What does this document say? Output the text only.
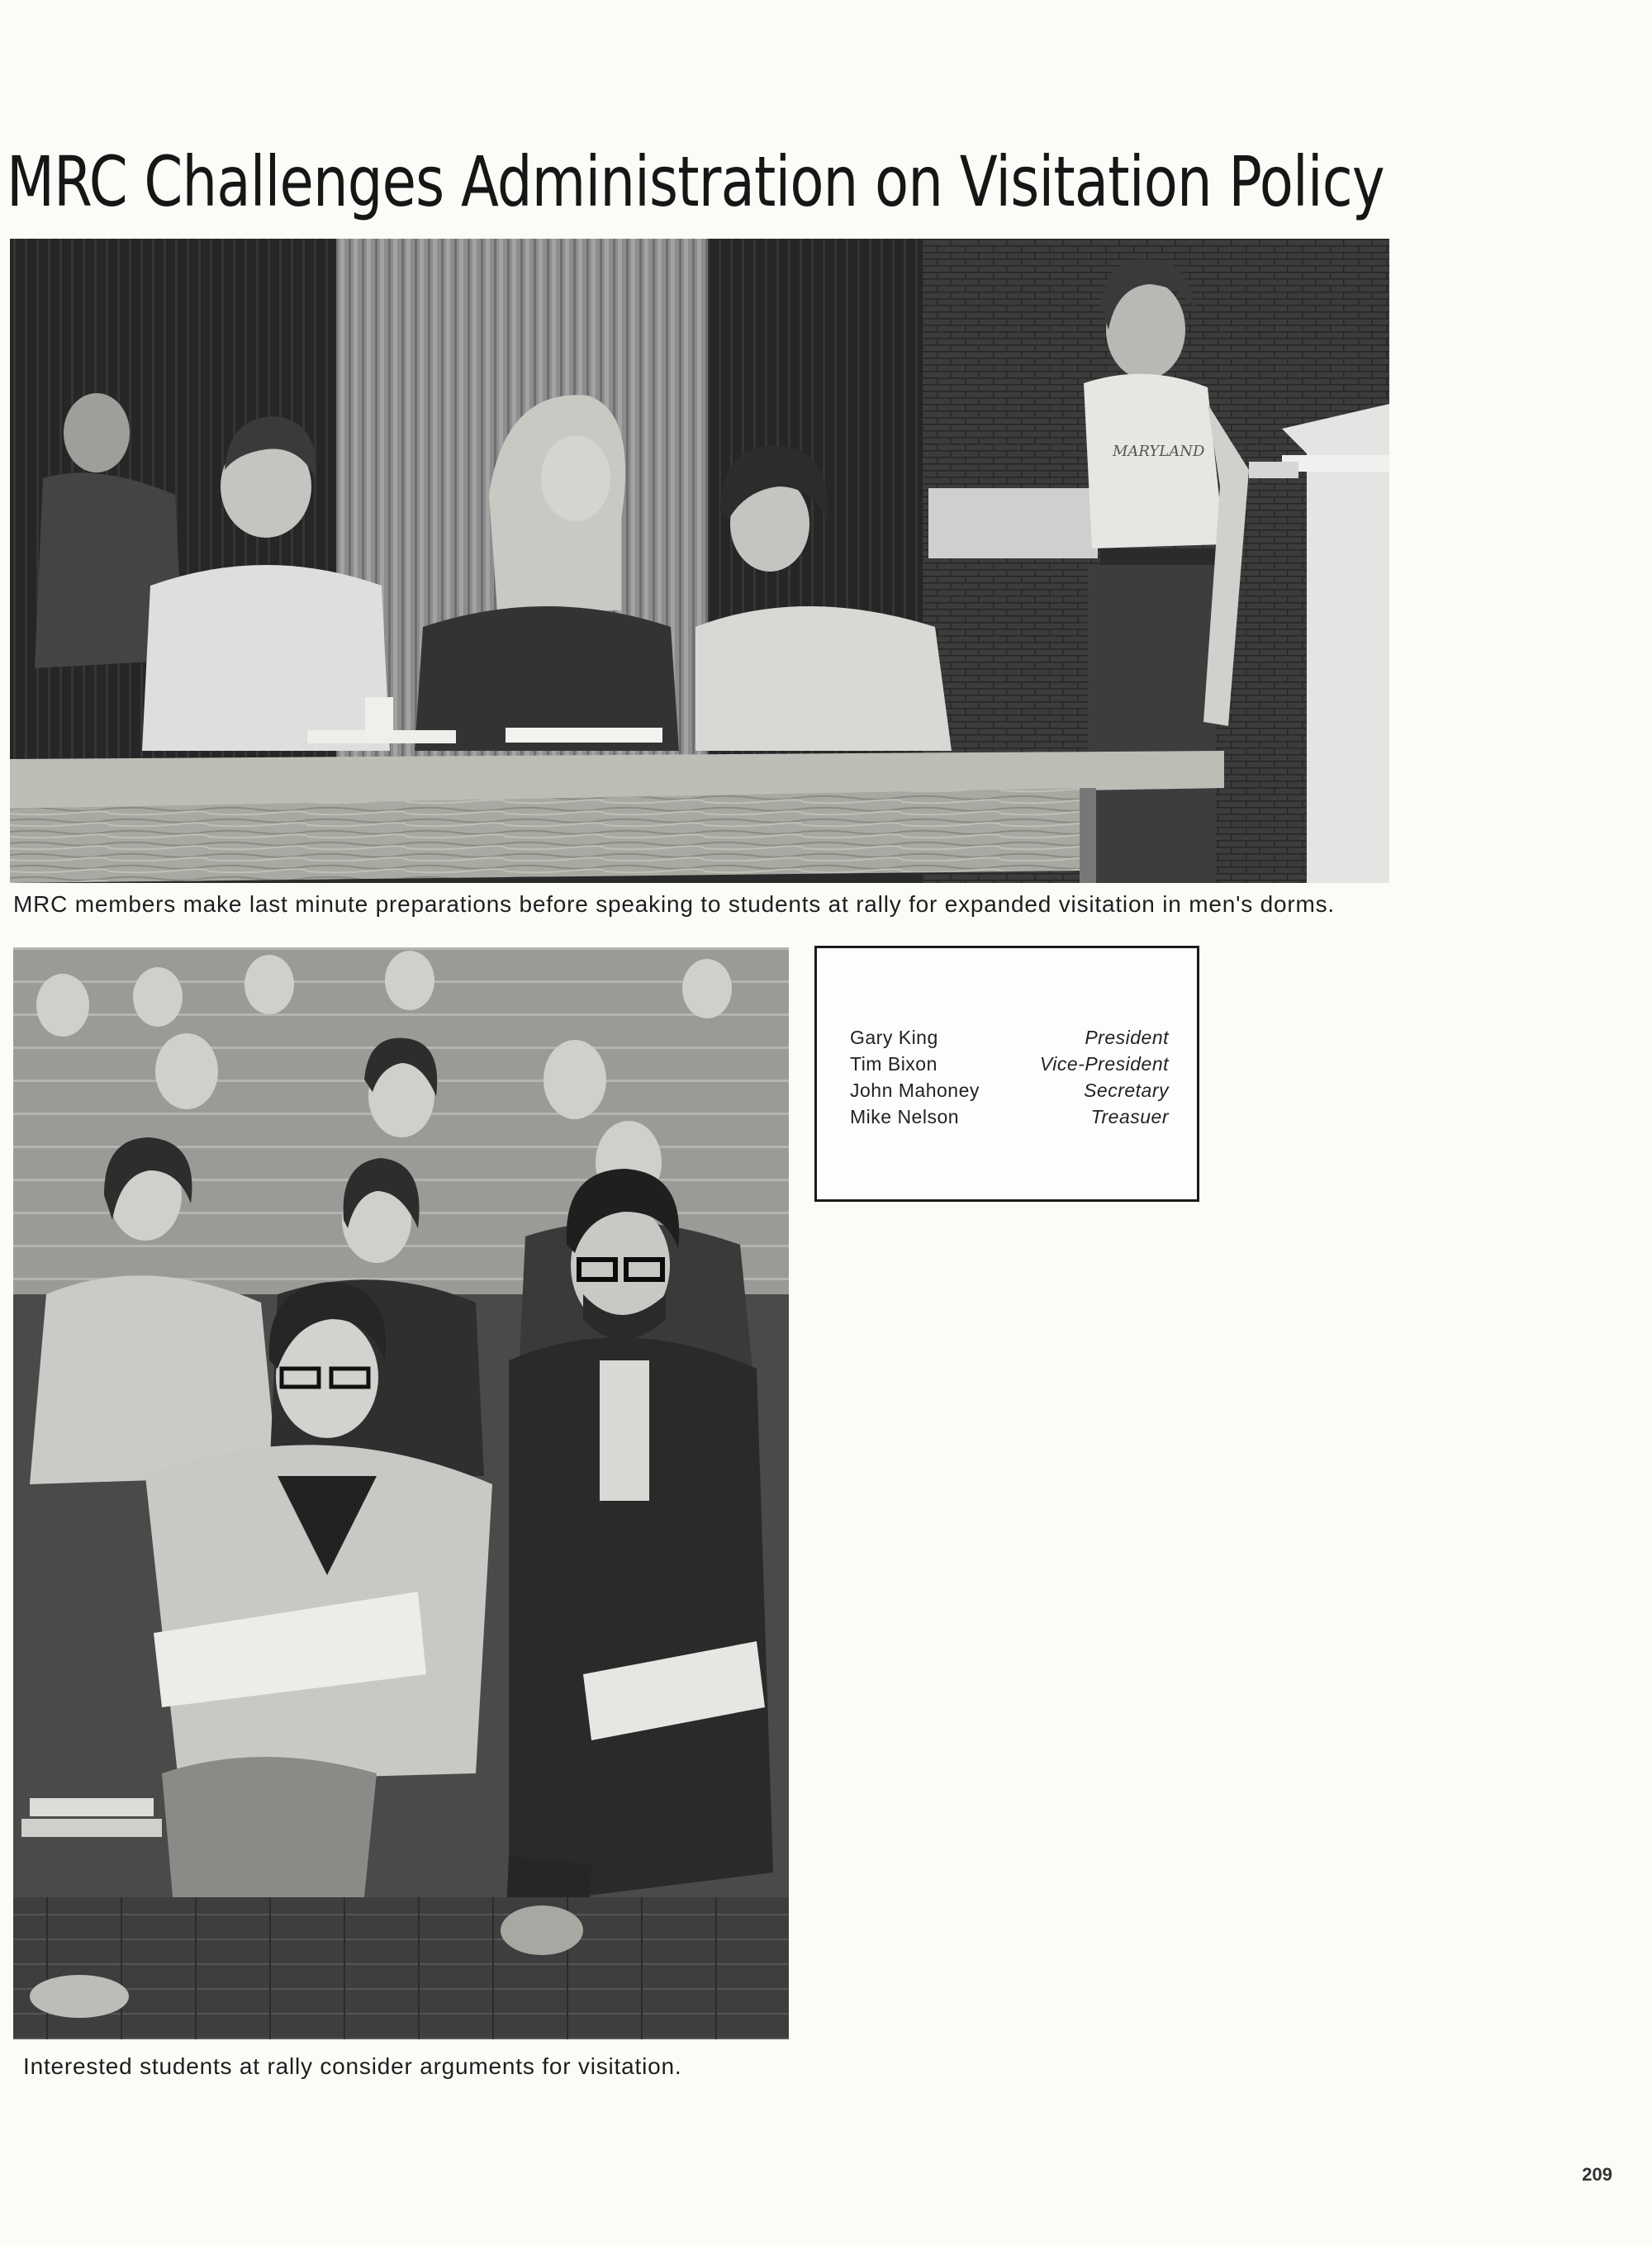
MRC Challenges Administration on Visitation Policy
MARYLAND

MRC members make last minute preparations before speaking to students at rally for expanded visitation in men's dorms.

Interested students at rally consider arguments for visitation.

Gary King	President
Tim Bixon	Vice-President
John Mahoney	Secretary
Mike Nelson	Treasuer
209
